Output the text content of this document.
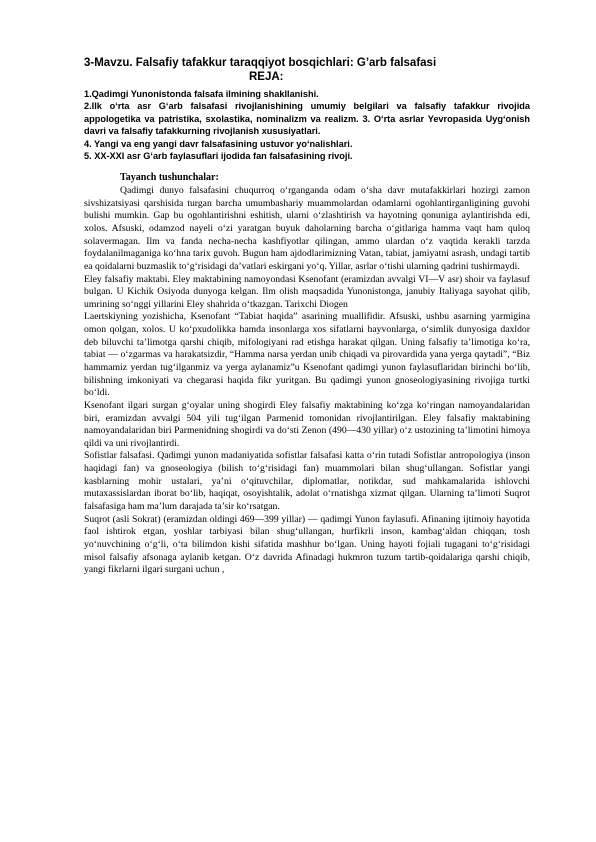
3-Mavzu. Falsafiy tafakkur taraqqiyot bosqichlari: G’arb falsafasi

REJA:

1.Qadimgi Yunonistonda falsafa ilmining shakllanishi.

2.Ilk o‘rta asr G‘arb falsafasi rivojlanishining umumiy belgilari va falsafiy tafakkur rivojida appologetika va patristika, sxolastika, nominalizm va realizm. 3. O‘rta asrlar Yevropasida Uyg‘onish davri va falsafiy tafakkurning rivojlanish xususiyatlari.

4. Yangi va eng yangi davr falsafasining ustuvor yo‘nalishlari.

5. XX-XXI asr G‘arb faylasuflari ijodida fan falsafasining rivoji.

Tayanch tushunchalar:

Qadimgi dunyo falsafasini chuqurroq o‘rganganda odam o‘sha davr mutafakkirlari hozirgi zamon sivshizatsiyasi qarshisida turgan barcha umumbashariy muammolardan odamlarni ogohlantirganligining guvohi bulishi mumkin. Gap bu ogohlantirishni eshitish, ularni o‘zlashtirish va hayotning qonuniga aylantirishda edi, xolos. Afsuski, odamzod nayeli o‘zi yaratgan buyuk daholarning barcha o‘gitlariga hamma vaqt ham quloq solavermagan. Ilm va fanda necha-necha kashfiyotlar qilingan, ammo ulardan o‘z vaqtida kerakli tarzda foydalanilmaganiga ko‘hna tarix guvoh. Bugun ham ajdodlarimizning Vatan, tabiat, jamiyatni asrash, undagi tartib ea qoidalarni buzmaslik to‘g‘risidagi da’vatlari eskirgani yo‘q. Yillar, asrlar o‘tishi ularning qadrini tushirmaydi.

Eley falsafiy maktabi. Eley maktabining namoyondasi Ksenofant (eramizdan avvalgi VI—V asr) shoir va faylasuf bulgan. U Kichik Osiyoda dunyoga kelgan. Ilm olish maqsadida Yunonistonga, janubiy Italiyaga sayohat qilib, umrining so‘nggi yillarini Eley shahrida o‘tkazgan. Tarixchi Diogen

Laertskiyning yozishicha, Ksenofant “Tabiat haqida” asarining muallifidir. Afsuski, ushbu asarning yarmigina omon qolgan, xolos. U ko‘pxudolikka hamda insonlarga xos sifatlarni hayvonlarga, o‘simlik dunyosiga daxldor deb biluvchi ta’limotga qarshi chiqib, mifologiyani rad etishga harakat qilgan. Uning falsafiy ta’limotiga ko‘ra, tabiat — o‘zgarmas va harakatsizdir, “Hamma narsa yerdan unib chiqadi va pirovardida yana yerga qaytadi”, “Biz hammamiz yerdan tug‘ilganmiz va yerga aylanamiz”u Ksenofant qadimgi yunon faylasuflaridan birinchi bo‘lib, bilishning imkoniyati va chegarasi haqida fikr yuritgan. Bu qadimgi yunon gnoseologiyasining rivojiga turtki bo‘ldi.

Ksenofant ilgari surgan g‘oyalar uning shogirdi Eley falsafiy maktabining ko‘zga ko‘ringan namoyandalaridan biri, eramizdan avvalgi 504 yili tug‘ilgan Parmenid tomonidan rivojlantirilgan. Eley falsafiy maktabining namoyandalaridan biri Parmenidning shogirdi va do‘sti Zenon (490—430 yillar) o‘z ustozining ta’limotini himoya qildi va uni rivojlantirdi.

Sofistlar falsafasi. Qadimgi yunon madaniyatida sofistlar falsafasi katta o‘rin tutadi Sofistlar antropologiya (inson haqidagi fan) va gnoseologiya (bilish to‘g‘risidagi fan) muammolari bilan shug‘ullangan. Sofistlar yangi kasblarning mohir ustalari, ya’ni o‘qituvchilar, diplomatlar, notikdar, sud mahkamalarida ishlovchi mutaxassislardan iborat bo‘lib, haqiqat, osoyishtalik, adolat o‘rnatishga xizmat qilgan. Ularning ta’limoti Suqrot falsafasiga ham ma’lum darajada ta’sir ko‘rsatgan.

Suqrot (asli Sokrat) (eramizdan oldingi 469—399 yillar) — qadimgi Yunon faylasufi. Afinaning ijtimoiy hayotida faol ishtirok etgan, yoshlar tarbiyasi bilan shug‘ullangan, hurfikrli inson, kambag‘aldan chiqqan, tosh yo‘nuvchining o‘g‘li, o‘ta bilimdon kishi sifatida mashhur bo‘lgan. Uning hayoti fojiali tugagani to‘g‘risidagi misol falsafiy afsonaga aylanib ketgan. O‘z davrida Afinadagi hukmron tuzum tartib-qoidalariga qarshi chiqib, yangi fikrlarni ilgari surgani uchun ,
